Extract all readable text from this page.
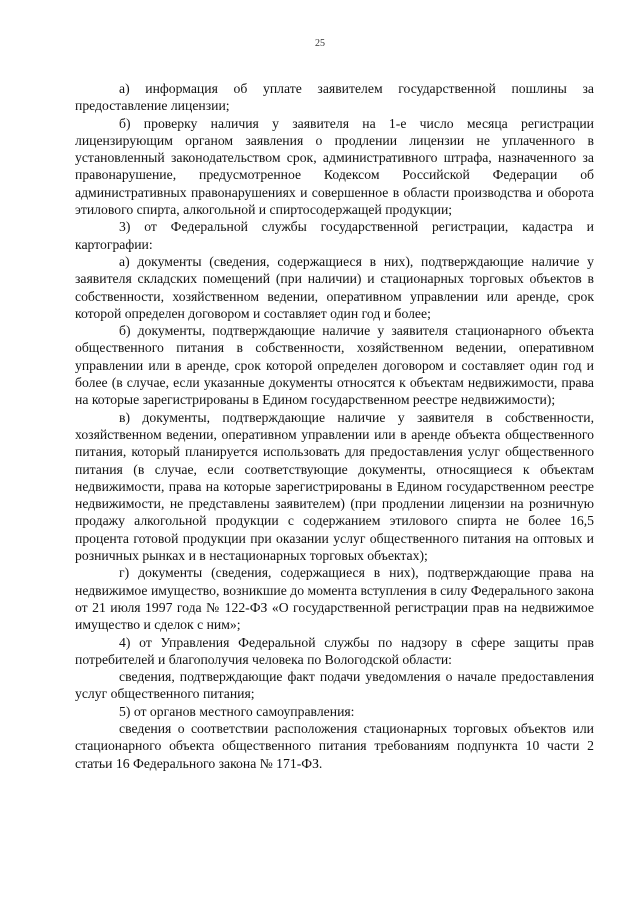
25

а) информация об уплате заявителем государственной пошлины за предоставление лицензии;

б) проверку наличия у заявителя на 1-е число месяца регистрации лицензирующим органом заявления о продлении лицензии не уплаченного в установленный законодательством срок, административного штрафа, назначенного за правонарушение, предусмотренное Кодексом Российской Федерации об административных правонарушениях и совершенное в области производства и оборота этилового спирта, алкогольной и спиртосодержащей продукции;

3) от Федеральной службы государственной регистрации, кадастра и картографии:

а) документы (сведения, содержащиеся в них), подтверждающие наличие у заявителя складских помещений (при наличии) и стационарных торговых объектов в собственности, хозяйственном ведении, оперативном управлении или аренде, срок которой определен договором и составляет один год и более;

б) документы, подтверждающие наличие у заявителя стационарного объекта общественного питания в собственности, хозяйственном ведении, оперативном управлении или в аренде, срок которой определен договором и составляет один год и более (в случае, если указанные документы относятся к объектам недвижимости, права на которые зарегистрированы в Едином государственном реестре недвижимости);

в) документы, подтверждающие наличие у заявителя в собственности, хозяйственном ведении, оперативном управлении или в аренде объекта общественного питания, который планируется использовать для предоставления услуг общественного питания (в случае, если соответствующие документы, относящиеся к объектам недвижимости, права на которые зарегистрированы в Едином государственном реестре недвижимости, не представлены заявителем) (при продлении лицензии на розничную продажу алкогольной продукции с содержанием этилового спирта не более 16,5 процента готовой продукции при оказании услуг общественного питания на оптовых и розничных рынках и в нестационарных торговых объектах);

г) документы (сведения, содержащиеся в них), подтверждающие права на недвижимое имущество, возникшие до момента вступления в силу Федерального закона от 21 июля 1997 года № 122-ФЗ «О государственной регистрации прав на недвижимое имущество и сделок с ним»;

4) от Управления Федеральной службы по надзору в сфере защиты прав потребителей и благополучия человека по Вологодской области:

сведения, подтверждающие факт подачи уведомления о начале предоставления услуг общественного питания;

5) от органов местного самоуправления:

сведения о соответствии расположения стационарных торговых объектов или стационарного объекта общественного питания требованиям подпункта 10 части 2 статьи 16 Федерального закона № 171-ФЗ.
